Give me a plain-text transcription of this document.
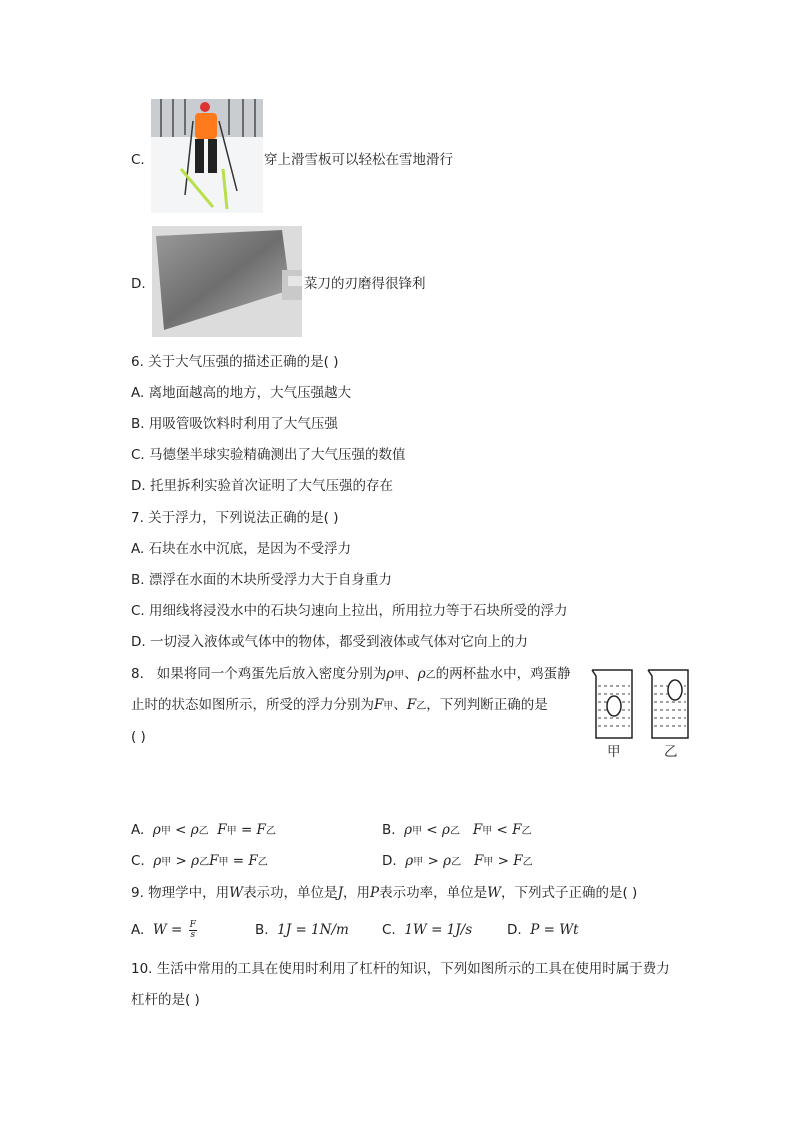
C.	穿上滑雪板可以轻松在雪地滑行
D.	菜刀的刃磨得很锋利
6. 关于大气压强的描述正确的是( )
A. 离地面越高的地方，大气压强越大
B. 用吸管吸饮料时利用了大气压强
C. 马德堡半球实验精确测出了大气压强的数值
D. 托里拆利实验首次证明了大气压强的存在
7. 关于浮力，下列说法正确的是( )
A. 石块在水中沉底，是因为不受浮力
B. 漂浮在水面的木块所受浮力大于自身重力
C. 用细线将浸没水中的石块匀速向上拉出，所用拉力等于石块所受的浮力
D. 一切浸入液体或气体中的物体，都受到液体或气体对它向上的力
8. 如果将同一个鸡蛋先后放入密度分别为ρ甲、ρ乙的两杯盐水中，鸡蛋静
止时的状态如图所示，所受的浮力分别为F甲、F乙，下列判断正确的是
( )
甲	乙
A. ρ甲 < ρ乙 F甲 = F乙	B. ρ甲 < ρ乙 F甲 < F乙
C. ρ甲 > ρ乙F甲 = F乙	D. ρ甲 > ρ乙 F甲 > F乙
9. 物理学中，用W表示功，单位是J，用P表示功率，单位是W，下列式子正确的是( )
A. $W = \frac{F}{s}$	B. 1J = 1N/m C. 1W = 1J/s	D. P = Wt
10. 生活中常用的工具在使用时利用了杠杆的知识，下列如图所示的工具在使用时属于费力
杠杆的是( )
